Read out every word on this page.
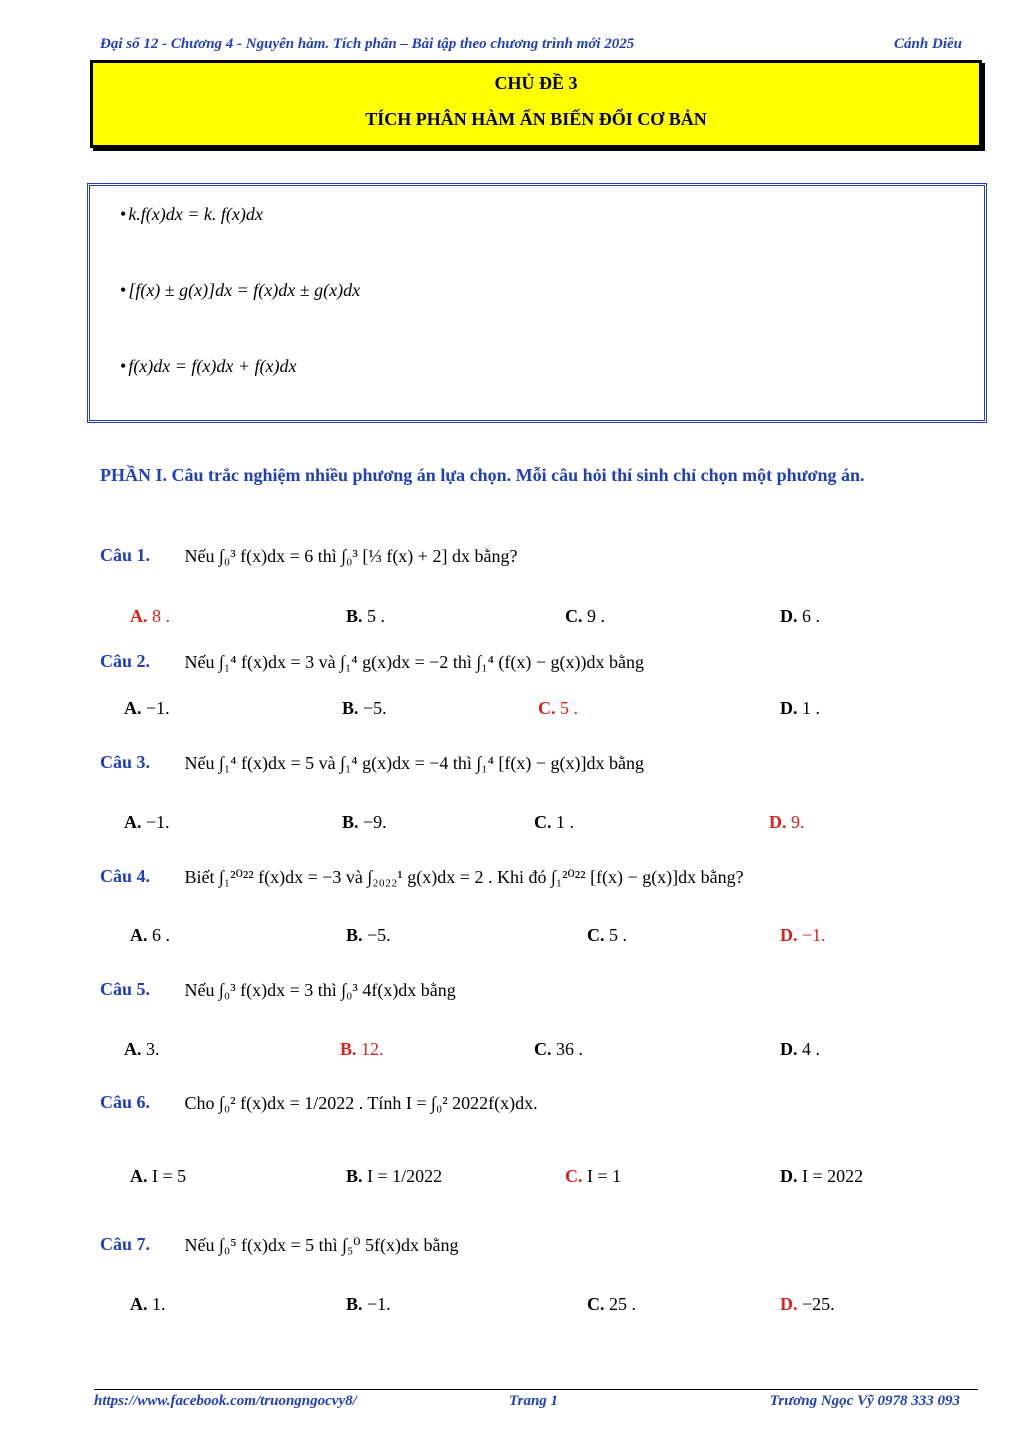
Đại số 12 - Chương 4 - Nguyên hàm. Tích phân – Bài tập theo chương trình mới 2025	Cánh Diều
CHỦ ĐỀ 3
TÍCH PHÂN HÀM ẨN BIẾN ĐỔI CƠ BẢN
• k.f(x)dx = k. f(x)dx
• [f(x) ± g(x)]dx = f(x)dx ± g(x)dx
• f(x)dx = f(x)dx + f(x)dx
PHẦN I. Câu trắc nghiệm nhiều phương án lựa chọn. Mỗi câu hỏi thí sinh chỉ chọn một phương án.
Câu 1. Nếu ∫₀³ f(x)dx = 6 thì ∫₀³ [⅓ f(x) + 2] dx bằng?
A. 8 .	B. 5 .	C. 9 .	D. 6 .
Câu 2. Nếu ∫₁⁴ f(x)dx = 3 và ∫₁⁴ g(x)dx = −2 thì ∫₁⁴ (f(x) − g(x))dx bằng
A. −1.	B. −5.	C. 5 .	D. 1 .
Câu 3. Nếu ∫₁⁴ f(x)dx = 5 và ∫₁⁴ g(x)dx = −4 thì ∫₁⁴ [f(x) − g(x)]dx bằng
A. −1.	B. −9.	C. 1 .	D. 9.
Câu 4. Biết ∫₁²⁰²² f(x)dx = −3 và ∫₂₀₂₂¹ g(x)dx = 2 . Khi đó ∫₁²⁰²² [f(x) − g(x)]dx bằng?
A. 6 .	B. −5.	C. 5 .	D. −1.
Câu 5. Nếu ∫₀³ f(x)dx = 3 thì ∫₀³ 4f(x)dx bằng
A. 3.	B. 12.	C. 36 .	D. 4 .
Câu 6. Cho ∫₀² f(x)dx = 1/2022 . Tính I = ∫₀² 2022f(x)dx.
A. I = 5	B. I = 1/2022	C. I = 1	D. I = 2022
Câu 7. Nếu ∫₀⁵ f(x)dx = 5 thì ∫₅⁰ 5f(x)dx bằng
A. 1.	B. −1.	C. 25 .	D. −25.
https://www.facebook.com/truongngocvy8/	Trang 1	Trương Ngọc Vỹ 0978 333 093
